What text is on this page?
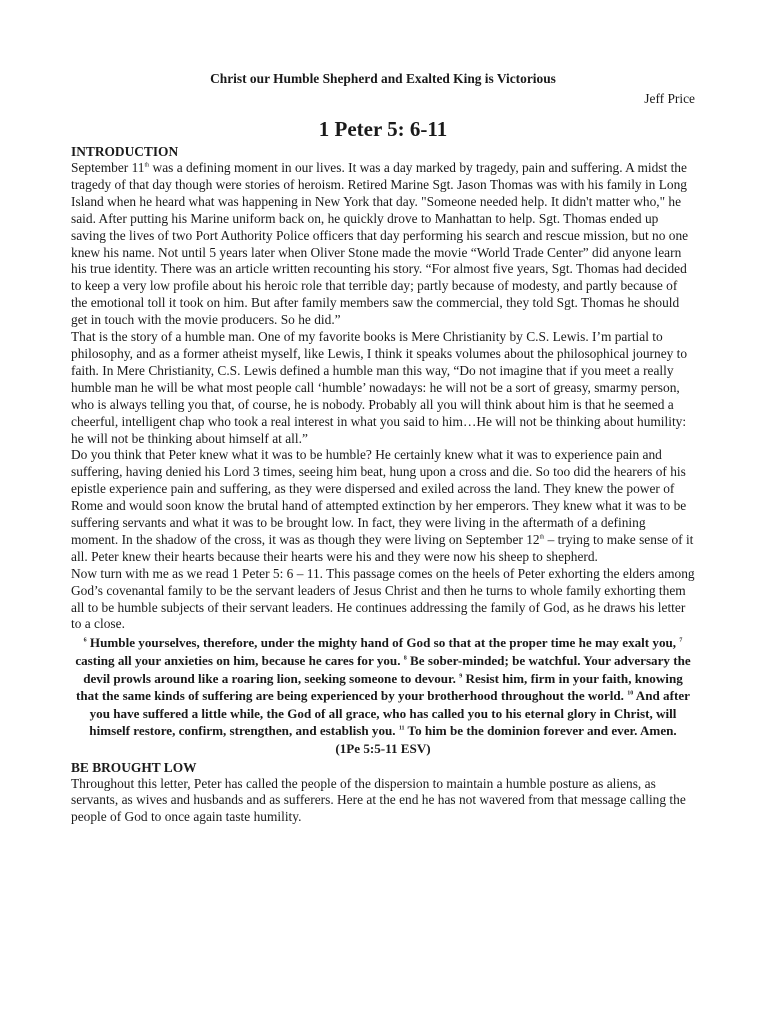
Christ our Humble Shepherd and Exalted King is Victorious
Jeff Price
1 Peter 5: 6-11
INTRODUCTION

September 11th was a defining moment in our lives. It was a day marked by tragedy, pain and suffering. A midst the tragedy of that day though were stories of heroism. Retired Marine Sgt. Jason Thomas was with his family in Long Island when he heard what was happening in New York that day. "Someone needed help. It didn't matter who," he said. After putting his Marine uniform back on, he quickly drove to Manhattan to help. Sgt. Thomas ended up saving the lives of two Port Authority Police officers that day performing his search and rescue mission, but no one knew his name. Not until 5 years later when Oliver Stone made the movie “World Trade Center” did anyone learn his true identity. There was an article written recounting his story. “For almost five years, Sgt. Thomas had decided to keep a very low profile about his heroic role that terrible day; partly because of modesty, and partly because of the emotional toll it took on him. But after family members saw the commercial, they told Sgt. Thomas he should get in touch with the movie producers. So he did.”

That is the story of a humble man. One of my favorite books is Mere Christianity by C.S. Lewis. I’m partial to philosophy, and as a former atheist myself, like Lewis, I think it speaks volumes about the philosophical journey to faith. In Mere Christianity, C.S. Lewis defined a humble man this way, “Do not imagine that if you meet a really humble man he will be what most people call ‘humble’ nowadays: he will not be a sort of greasy, smarmy person, who is always telling you that, of course, he is nobody. Probably all you will think about him is that he seemed a cheerful, intelligent chap who took a real interest in what you said to him…He will not be thinking about humility: he will not be thinking about himself at all.”

Do you think that Peter knew what it was to be humble? He certainly knew what it was to experience pain and suffering, having denied his Lord 3 times, seeing him beat, hung upon a cross and die. So too did the hearers of his epistle experience pain and suffering, as they were dispersed and exiled across the land. They knew the power of Rome and would soon know the brutal hand of attempted extinction by her emperors. They knew what it was to be suffering servants and what it was to be brought low. In fact, they were living in the aftermath of a defining moment. In the shadow of the cross, it was as though they were living on September 12th – trying to make sense of it all. Peter knew their hearts because their hearts were his and they were now his sheep to shepherd.

Now turn with me as we read 1 Peter 5: 6 – 11. This passage comes on the heels of Peter exhorting the elders among God’s covenantal family to be the servant leaders of Jesus Christ and then he turns to whole family exhorting them all to be humble subjects of their servant leaders. He continues addressing the family of God, as he draws his letter to a close.

$^6$ Humble yourselves, therefore, under the mighty hand of God so that at the proper time he may exalt you, $^7$ casting all your anxieties on him, because he cares for you. $^8$ Be sober-minded; be watchful. Your adversary the devil prowls around like a roaring lion, seeking someone to devour. $^9$ Resist him, firm in your faith, knowing that the same kinds of suffering are being experienced by your brotherhood throughout the world. $^{10}$ And after you have suffered a little while, the God of all grace, who has called you to his eternal glory in Christ, will himself restore, confirm, strengthen, and establish you. $^{11}$ To him be the dominion forever and ever. Amen.
(1Pe 5:5-11 ESV)
BE BROUGHT LOW

Throughout this letter, Peter has called the people of the dispersion to maintain a humble posture as aliens, as servants, as wives and husbands and as sufferers. Here at the end he has not wavered from that message calling the people of God to once again taste humility.
